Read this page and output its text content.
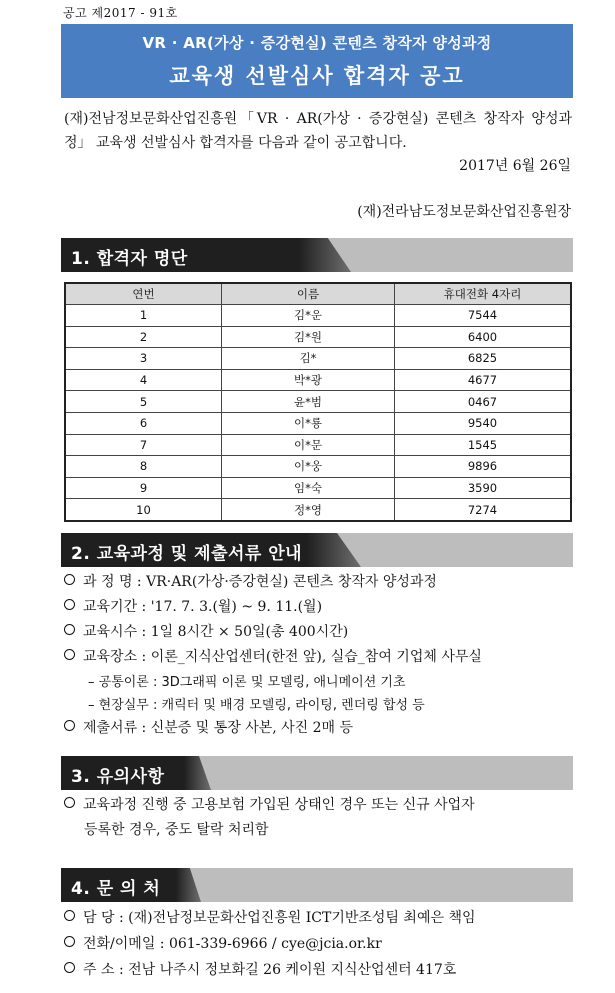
공고 제2017 - 91호
VR · AR(가상 · 증강현실) 콘텐츠 창작자 양성과정
교육생 선발심사 합격자 공고
(재)전남정보문화산업진흥원「VR · AR(가상 · 증강현실) 콘텐츠 창작자 양성과정」 교육생 선발심사 합격자를 다음과 같이 공고합니다.
2017년 6월 26일
(재)전라남도정보문화산업진흥원장
1. 합격자 명단
연번	이름	휴대전화 4자리
1	김*운	7544
2	김*원	6400
3	김*	6825
4	박*광	4677
5	윤*범	0467
6	이*룡	9540
7	이*문	1545
8	이*웅	9896
9	임*숙	3590
10	정*영	7274
2. 교육과정 및 제출서류 안내
과 정 명 : VR·AR(가상·증강현실) 콘텐츠 창작자 양성과정
교육기간 : '17. 7. 3.(월) ~ 9. 11.(월)
교육시수 : 1일 8시간 × 50일(총 400시간)
교육장소 : 이론_지식산업센터(한전 앞), 실습_참여 기업체 사무실
– 공통이론 : 3D그래픽 이론 및 모델링, 애니메이션 기초
– 현장실무 : 캐릭터 및 배경 모델링, 라이팅, 렌더링 합성 등
제출서류 : 신분증 및 통장 사본, 사진 2매 등
3. 유의사항
교육과정 진행 중 고용보험 가입된 상태인 경우 또는 신규 사업자
등록한 경우, 중도 탈락 처리함
4. 문 의 처
담 당 : (재)전남정보문화산업진흥원 ICT기반조성팀 최예은 책임
전화/이메일 : 061-339-6966 / cye@jcia.or.kr
주 소 : 전남 나주시 정보화길 26 케이원 지식산업센터 417호
